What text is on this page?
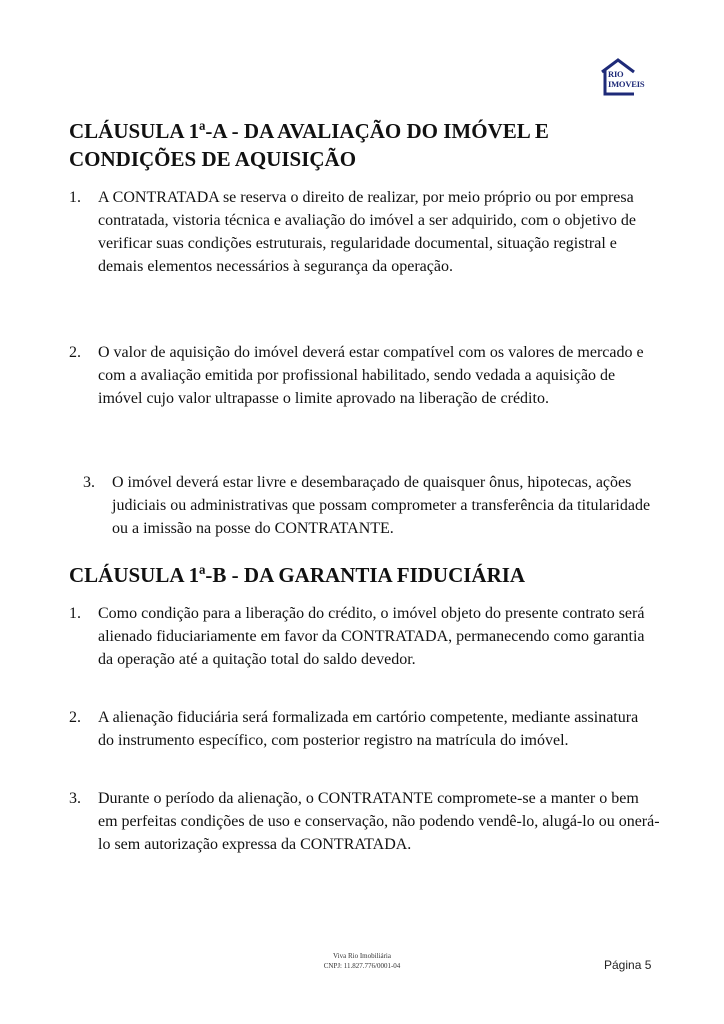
RIO
IMOVEIS
CLÁUSULA 1ª-A - DA AVALIAÇÃO DO IMÓVEL E CONDIÇÕES DE AQUISIÇÃO
1. A CONTRATADA se reserva o direito de realizar, por meio próprio ou por empresa contratada, vistoria técnica e avaliação do imóvel a ser adquirido, com o objetivo de verificar suas condições estruturais, regularidade documental, situação registral e demais elementos necessários à segurança da operação.
2. O valor de aquisição do imóvel deverá estar compatível com os valores de mercado e com a avaliação emitida por profissional habilitado, sendo vedada a aquisição de imóvel cujo valor ultrapasse o limite aprovado na liberação de crédito.
3. O imóvel deverá estar livre e desembaraçado de quaisquer ônus, hipotecas, ações judiciais ou administrativas que possam comprometer a transferência da titularidade ou a imissão na posse do CONTRATANTE.
CLÁUSULA 1ª-B - DA GARANTIA FIDUCIÁRIA
1. Como condição para a liberação do crédito, o imóvel objeto do presente contrato será alienado fiduciariamente em favor da CONTRATADA, permanecendo como garantia da operação até a quitação total do saldo devedor.
2. A alienação fiduciária será formalizada em cartório competente, mediante assinatura do instrumento específico, com posterior registro na matrícula do imóvel.
3. Durante o período da alienação, o CONTRATANTE compromete-se a manter o bem em perfeitas condições de uso e conservação, não podendo vendê-lo, alugá-lo ou onerá-lo sem autorização expressa da CONTRATADA.
Viva Rio Imobiliária
CNPJ: 11.827.776/0001-04	Página 5
